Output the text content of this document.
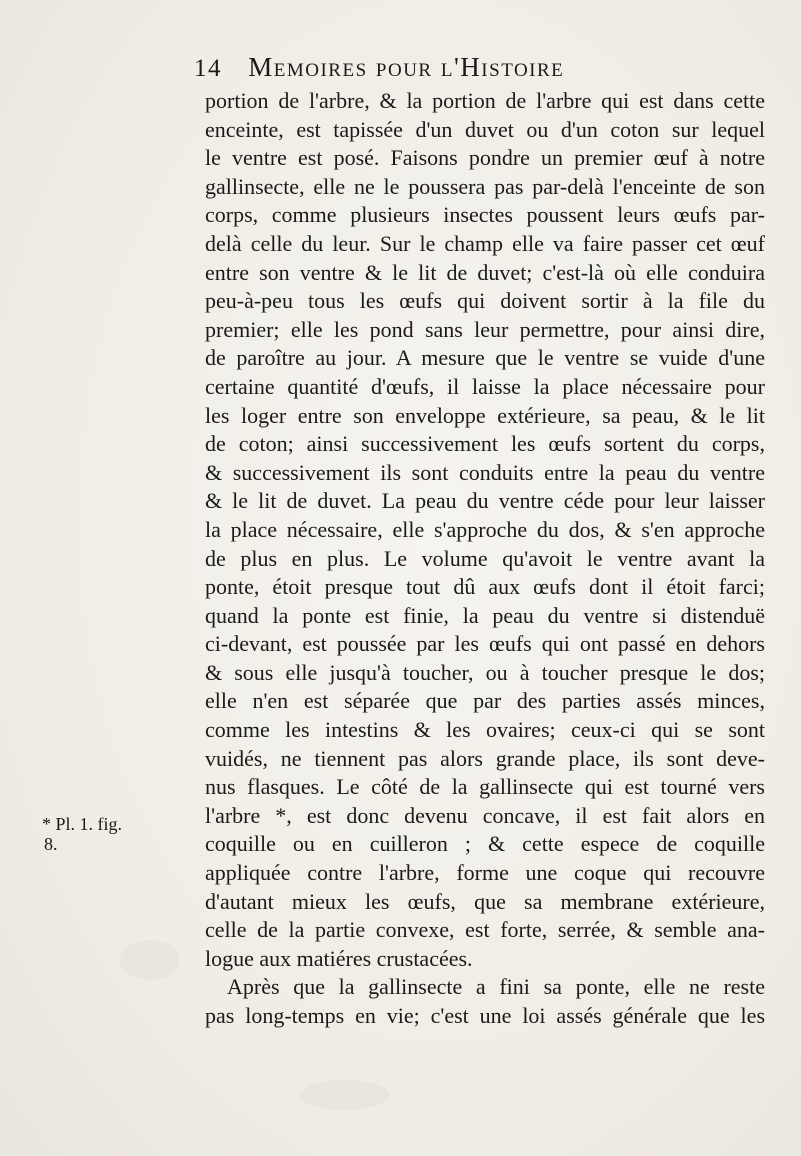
14 Memoires pour l'Histoire
portion de l'arbre, & la portion de l'arbre qui est dans cette
enceinte, est tapissée d'un duvet ou d'un coton sur lequel
le ventre est posé. Faisons pondre un premier œuf à notre
gallinsecte, elle ne le poussera pas par-delà l'enceinte de son
corps, comme plusieurs insectes poussent leurs œufs par-
delà celle du leur. Sur le champ elle va faire passer cet œuf
entre son ventre & le lit de duvet; c'est-là où elle conduira
peu-à-peu tous les œufs qui doivent sortir à la file du
premier; elle les pond sans leur permettre, pour ainsi dire,
de paroître au jour. A mesure que le ventre se vuide d'une
certaine quantité d'œufs, il laisse la place nécessaire pour
les loger entre son enveloppe extérieure, sa peau, & le lit
de coton; ainsi successivement les œufs sortent du corps,
& successivement ils sont conduits entre la peau du ventre
& le lit de duvet. La peau du ventre céde pour leur laisser
la place nécessaire, elle s'approche du dos, & s'en approche
de plus en plus. Le volume qu'avoit le ventre avant la
ponte, étoit presque tout dû aux œufs dont il étoit farci;
quand la ponte est finie, la peau du ventre si distenduë
ci-devant, est poussée par les œufs qui ont passé en dehors
& sous elle jusqu'à toucher, ou à toucher presque le dos;
elle n'en est séparée que par des parties assés minces,
comme les intestins & les ovaires; ceux-ci qui se sont
vuidés, ne tiennent pas alors grande place, ils sont deve-
nus flasques. Le côté de la gallinsecte qui est tourné vers
l'arbre *, est donc devenu concave, il est fait alors en
coquille ou en cuilleron ; & cette espece de coquille
appliquée contre l'arbre, forme une coque qui recouvre
d'autant mieux les œufs, que sa membrane extérieure,
celle de la partie convexe, est forte, serrée, & semble ana-
logue aux matiéres crustacées.
Après que la gallinsecte a fini sa ponte, elle ne reste
pas long-temps en vie; c'est une loi assés générale que les
* Pl. 1. fig.
8.
